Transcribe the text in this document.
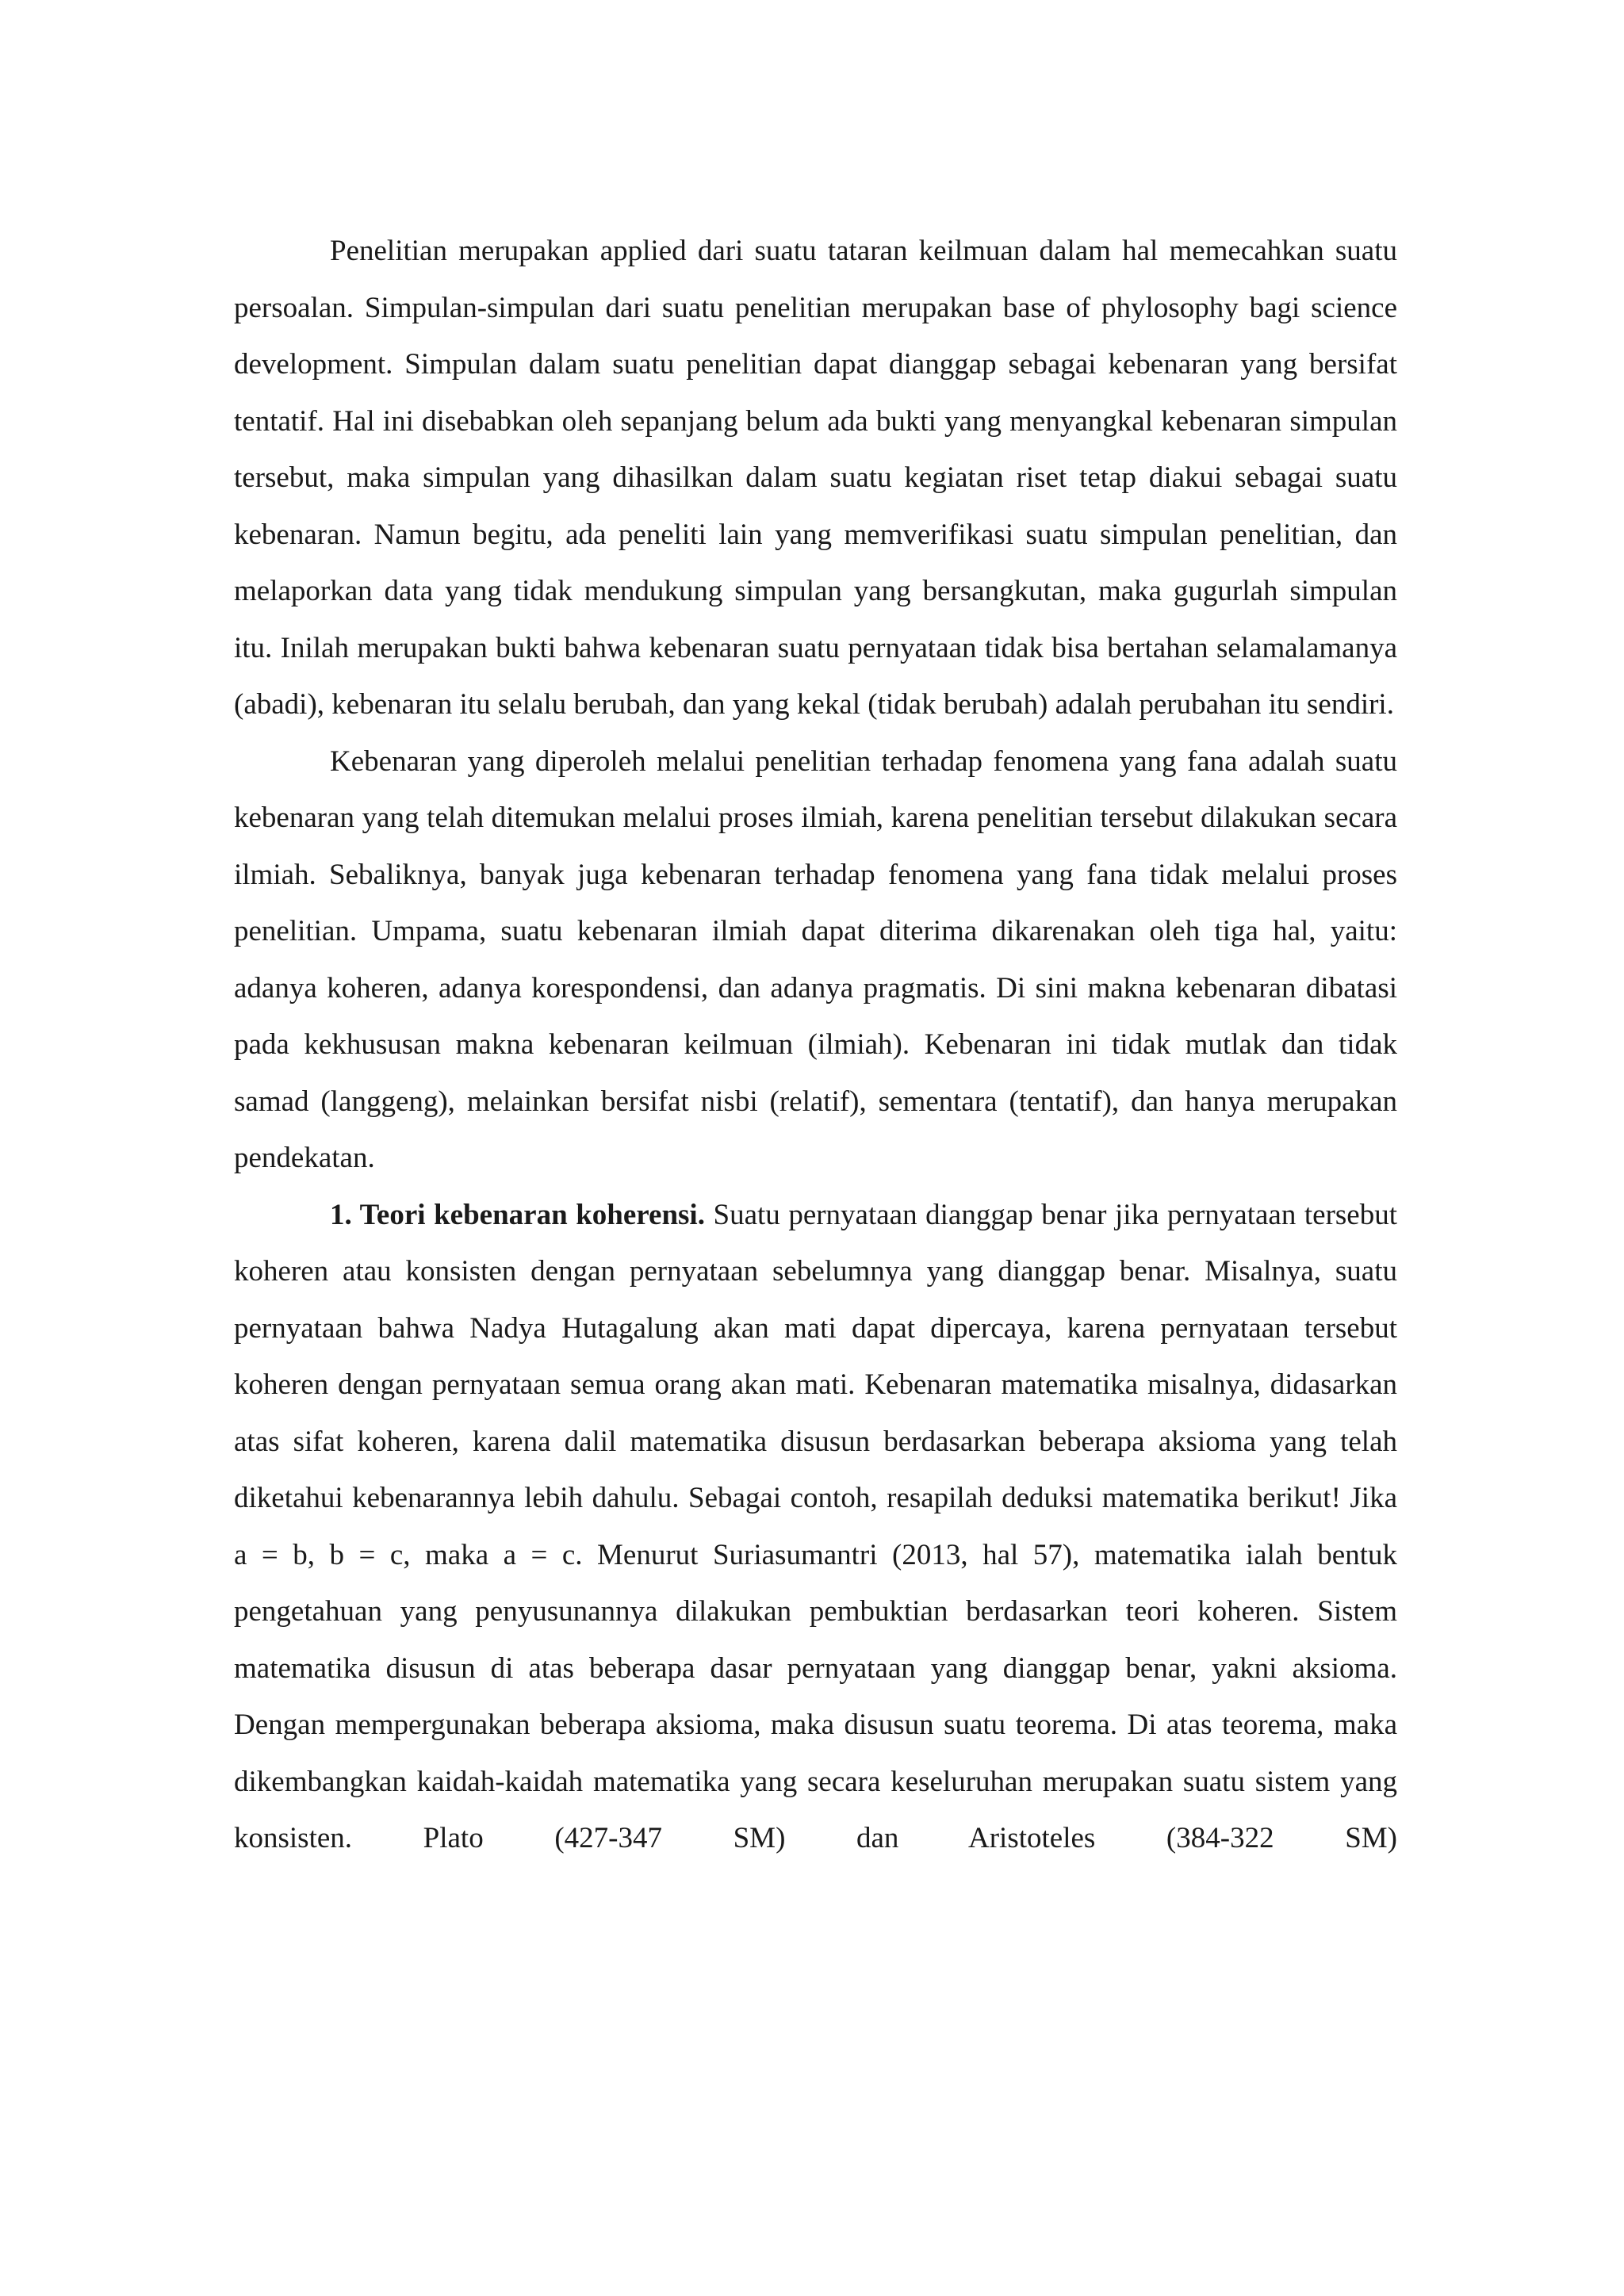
Penelitian merupakan applied dari suatu tataran keilmuan dalam hal memecahkan suatu persoalan. Simpulan-simpulan dari suatu penelitian merupakan base of phylosophy bagi science development. Simpulan dalam suatu penelitian dapat dianggap sebagai kebenaran yang bersifat tentatif. Hal ini disebabkan oleh sepanjang belum ada bukti yang menyangkal kebenaran simpulan tersebut, maka simpulan yang dihasilkan dalam suatu kegiatan riset tetap diakui sebagai suatu kebenaran. Namun begitu, ada peneliti lain yang memverifikasi suatu simpulan penelitian, dan melaporkan data yang tidak mendukung simpulan yang bersangkutan, maka gugurlah simpulan itu. Inilah merupakan bukti bahwa kebenaran suatu pernyataan tidak bisa bertahan selamalamanya (abadi), kebenaran itu selalu berubah, dan yang kekal (tidak berubah) adalah perubahan itu sendiri.

Kebenaran yang diperoleh melalui penelitian terhadap fenomena yang fana adalah suatu kebenaran yang telah ditemukan melalui proses ilmiah, karena penelitian tersebut dilakukan secara ilmiah. Sebaliknya, banyak juga kebenaran terhadap fenomena yang fana tidak melalui proses penelitian. Umpama, suatu kebenaran ilmiah dapat diterima dikarenakan oleh tiga hal, yaitu: adanya koheren, adanya korespondensi, dan adanya pragmatis. Di sini makna kebenaran dibatasi pada kekhususan makna kebenaran keilmuan (ilmiah). Kebenaran ini tidak mutlak dan tidak samad (langgeng), melainkan bersifat nisbi (relatif), sementara (tentatif), dan hanya merupakan pendekatan.

1. Teori kebenaran koherensi. Suatu pernyataan dianggap benar jika pernyataan tersebut koheren atau konsisten dengan pernyataan sebelumnya yang dianggap benar. Misalnya, suatu pernyataan bahwa Nadya Hutagalung akan mati dapat dipercaya, karena pernyataan tersebut koheren dengan pernyataan semua orang akan mati. Kebenaran matematika misalnya, didasarkan atas sifat koheren, karena dalil matematika disusun berdasarkan beberapa aksioma yang telah diketahui kebenarannya lebih dahulu. Sebagai contoh, resapilah deduksi matematika berikut! Jika a = b, b = c, maka a = c. Menurut Suriasumantri (2013, hal 57), matematika ialah bentuk pengetahuan yang penyusunannya dilakukan pembuktian berdasarkan teori koheren. Sistem matematika disusun di atas beberapa dasar pernyataan yang dianggap benar, yakni aksioma. Dengan mempergunakan beberapa aksioma, maka disusun suatu teorema. Di atas teorema, maka dikembangkan kaidah-kaidah matematika yang secara keseluruhan merupakan suatu sistem yang konsisten. Plato (427-347 SM) dan Aristoteles (384-322 SM)
